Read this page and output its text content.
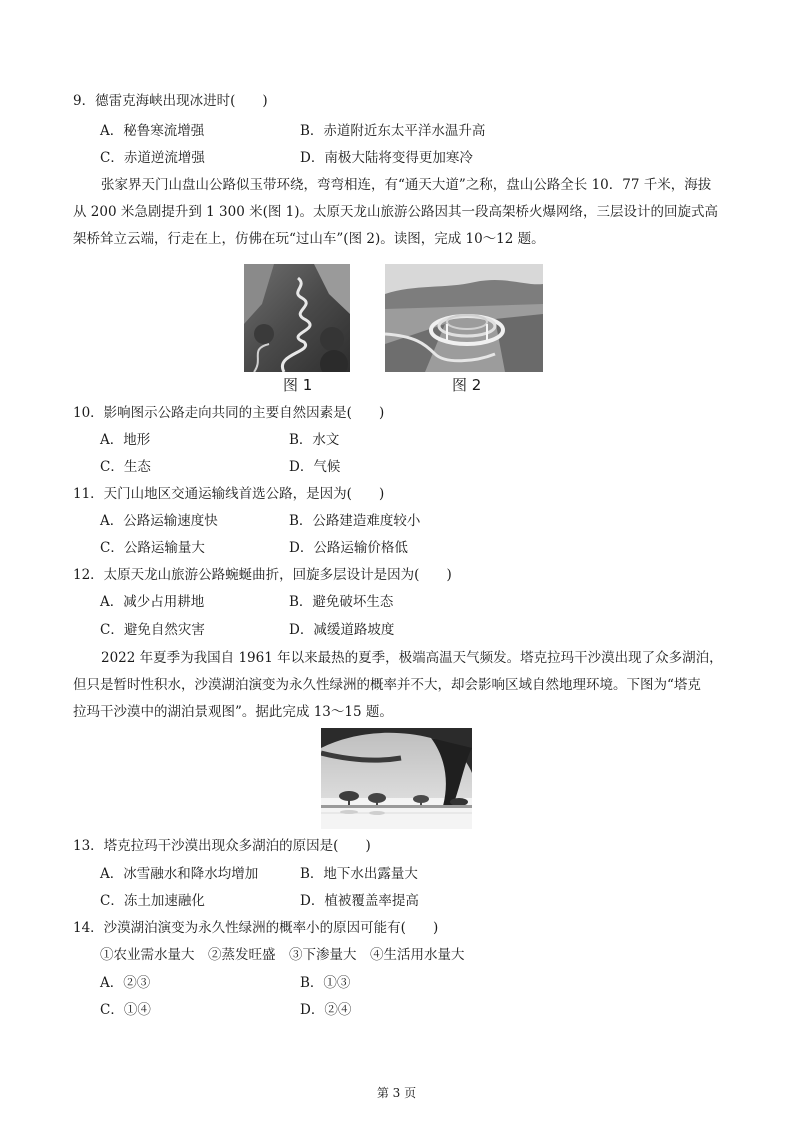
9．德雷克海峡出现冰进时(　　)
A．秘鲁寒流增强	B．赤道附近东太平洋水温升高
C．赤道逆流增强	D．南极大陆将变得更加寒冷
张家界天门山盘山公路似玉带环绕，弯弯相连，有“通天大道”之称，盘山公路全长 10．77 千米，海拔
从 200 米急剧提升到 1 300 米(图 1)。太原天龙山旅游公路因其一段高架桥火爆网络，三层设计的回旋式高
架桥耸立云端，行走在上，仿佛在玩“过山车”(图 2)。读图，完成 10～12 题。
图 1	图 2
10．影响图示公路走向共同的主要自然因素是(　　)
A．地形	B．水文
C．生态	D．气候
11．天门山地区交通运输线首选公路，是因为(　　)
A．公路运输速度快	B．公路建造难度较小
C．公路运输量大	D．公路运输价格低
12．太原天龙山旅游公路蜿蜒曲折，回旋多层设计是因为(　　)
A．减少占用耕地	B．避免破坏生态
C．避免自然灾害	D．减缓道路坡度
2022 年夏季为我国自 1961 年以来最热的夏季，极端高温天气频发。塔克拉玛干沙漠出现了众多湖泊，
但只是暂时性积水，沙漠湖泊演变为永久性绿洲的概率并不大，却会影响区域自然地理环境。下图为“塔克
拉玛干沙漠中的湖泊景观图”。据此完成 13～15 题。
13．塔克拉玛干沙漠出现众多湖泊的原因是(　　)
A．冰雪融水和降水均增加	B．地下水出露量大
C．冻土加速融化	D．植被覆盖率提高
14．沙漠湖泊演变为永久性绿洲的概率小的原因可能有(　　)
①农业需水量大　②蒸发旺盛　③下渗量大　④生活用水量大
A．②③	B．①③
C．①④	D．②④
第 3 页
